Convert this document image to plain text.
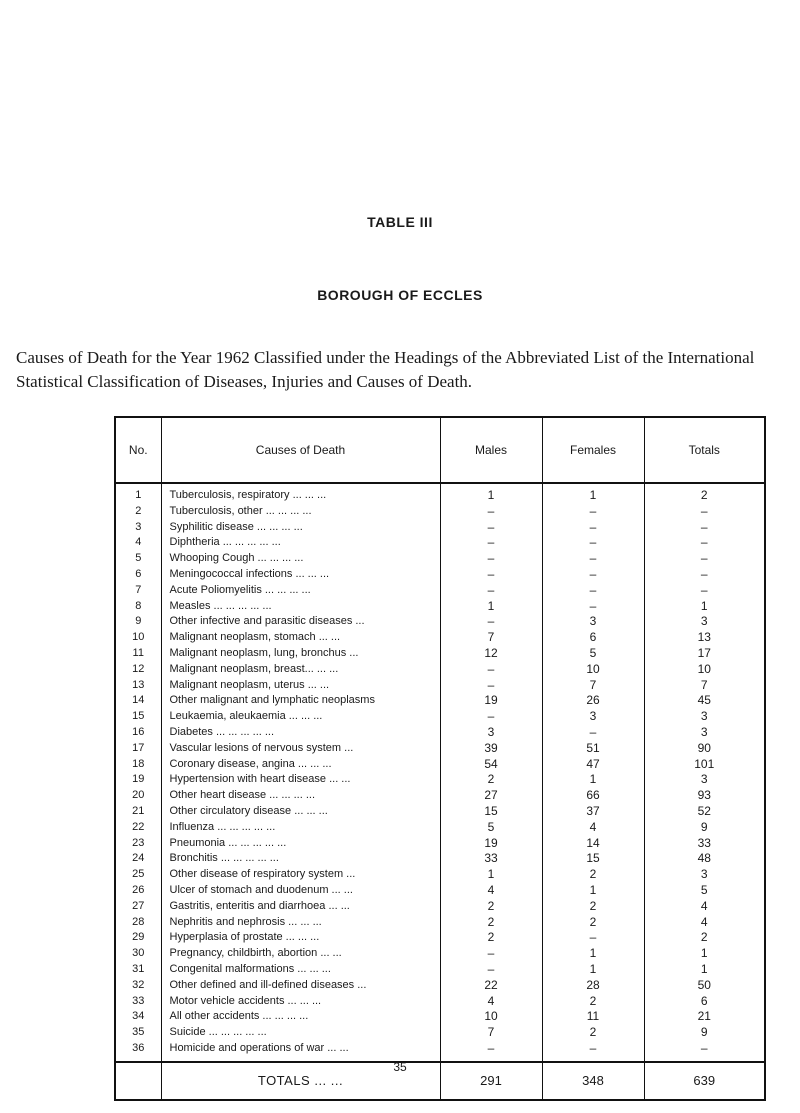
TABLE III
BOROUGH OF ECCLES
Causes of Death for the Year 1962 Classified under the Headings of the Abbreviated List of the International Statistical Classification of Diseases, Injuries and Causes of Death.
No.	Causes of Death	Males	Females	Totals
1	Tuberculosis, respiratory ... ... ...	1	1	2
2	Tuberculosis, other ... ... ... ...	–	–	–
3	Syphilitic disease ... ... ... ...	–	–	–
4	Diphtheria ... ... ... ... ...	–	–	–
5	Whooping Cough ... ... ... ...	–	–	–
6	Meningococcal infections ... ... ...	–	–	–
7	Acute Poliomyelitis ... ... ... ...	–	–	–
8	Measles ... ... ... ... ...	1	–	1
9	Other infective and parasitic diseases ...	–	3	3
10	Malignant neoplasm, stomach ... ...	7	6	13
11	Malignant neoplasm, lung, bronchus ...	12	5	17
12	Malignant neoplasm, breast... ... ...	–	10	10
13	Malignant neoplasm, uterus ... ...	–	7	7
14	Other malignant and lymphatic neoplasms	19	26	45
15	Leukaemia, aleukaemia ... ... ...	–	3	3
16	Diabetes ... ... ... ... ...	3	–	3
17	Vascular lesions of nervous system ...	39	51	90
18	Coronary disease, angina ... ... ...	54	47	101
19	Hypertension with heart disease ... ...	2	1	3
20	Other heart disease ... ... ... ...	27	66	93
21	Other circulatory disease ... ... ...	15	37	52
22	Influenza ... ... ... ... ...	5	4	9
23	Pneumonia ... ... ... ... ...	19	14	33
24	Bronchitis ... ... ... ... ...	33	15	48
25	Other disease of respiratory system ...	1	2	3
26	Ulcer of stomach and duodenum ... ...	4	1	5
27	Gastritis, enteritis and diarrhoea ... ...	2	2	4
28	Nephritis and nephrosis ... ... ...	2	2	4
29	Hyperplasia of prostate ... ... ...	2	–	2
30	Pregnancy, childbirth, abortion ... ...	–	1	1
31	Congenital malformations ... ... ...	–	1	1
32	Other defined and ill-defined diseases ...	22	28	50
33	Motor vehicle accidents ... ... ...	4	2	6
34	All other accidents ... ... ... ...	10	11	21
35	Suicide ... ... ... ... ...	7	2	9
36	Homicide and operations of war ... ...	–	–	–
	TOTALS ... ...	291	348	639
35
